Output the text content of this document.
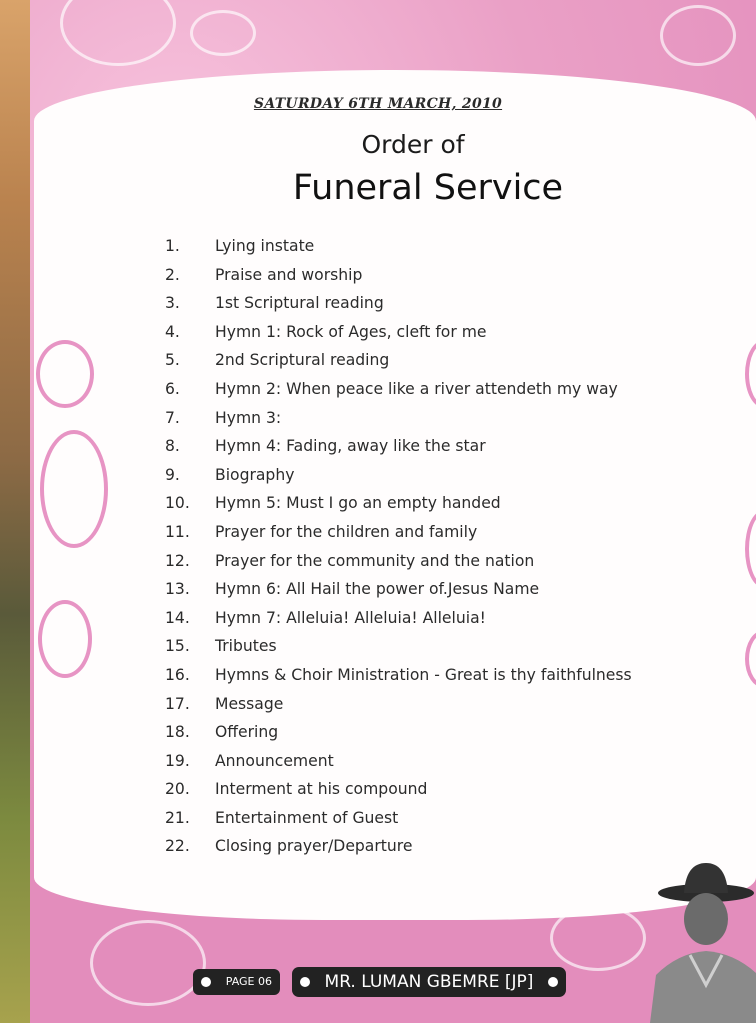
SATURDAY 6TH MARCH, 2010
Order of
Funeral Service
1.	Lying instate
2.	Praise and worship
3.	1st Scriptural reading
4.	Hymn 1: Rock of Ages, cleft for me
5.	2nd Scriptural reading
6.	Hymn 2: When peace like a river attendeth my way
7.	Hymn 3:
8.	Hymn 4: Fading, away like the star
9.	Biography
10.	Hymn 5: Must I go an empty handed
11.	Prayer for the children and family
12.	Prayer for the community and the nation
13.	Hymn 6: All Hail the power of.Jesus Name
14.	Hymn 7: Alleluia! Alleluia! Alleluia!
15.	Tributes
16.	Hymns & Choir Ministration - Great is thy faithfulness
17.	Message
18.	Offering
19.	Announcement
20.	Interment at his compound
21.	Entertainment of Guest
22.	Closing prayer/Departure
PAGE 06	MR. LUMAN GBEMRE [JP]
